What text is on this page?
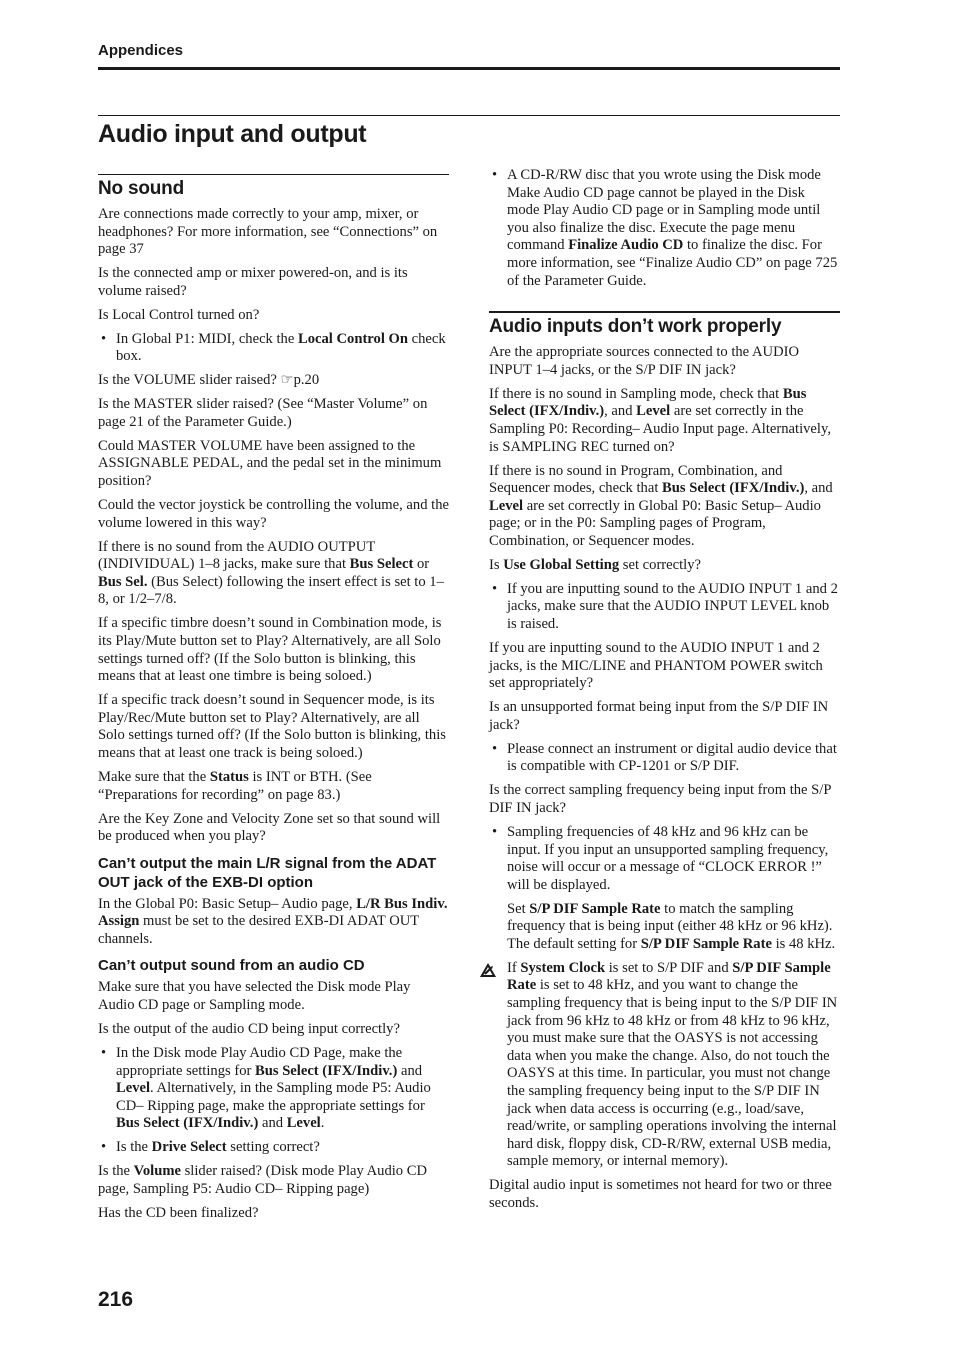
Appendices
Audio input and output
No sound

Are connections made correctly to your amp, mixer, or headphones? For more information, see “Connections” on page 37

Is the connected amp or mixer powered-on, and is its volume raised?

Is Local Control turned on?

• In Global P1: MIDI, check the Local Control On check box.

Is the VOLUME slider raised? ☞p.20

Is the MASTER slider raised? (See “Master Volume” on page 21 of the Parameter Guide.)

Could MASTER VOLUME have been assigned to the ASSIGNABLE PEDAL, and the pedal set in the minimum position?

Could the vector joystick be controlling the volume, and the volume lowered in this way?

If there is no sound from the AUDIO OUTPUT (INDIVIDUAL) 1–8 jacks, make sure that Bus Select or Bus Sel. (Bus Select) following the insert effect is set to 1–8, or 1/2–7/8.

If a specific timbre doesn’t sound in Combination mode, is its Play/Mute button set to Play? Alternatively, are all Solo settings turned off? (If the Solo button is blinking, this means that at least one timbre is being soloed.)

If a specific track doesn’t sound in Sequencer mode, is its Play/Rec/Mute button set to Play? Alternatively, are all Solo settings turned off? (If the Solo button is blinking, this means that at least one track is being soloed.)

Make sure that the Status is INT or BTH. (See “Preparations for recording” on page 83.)

Are the Key Zone and Velocity Zone set so that sound will be produced when you play?

Can’t output the main L/R signal from the ADAT OUT jack of the EXB-DI option

In the Global P0: Basic Setup– Audio page, L/R Bus Indiv. Assign must be set to the desired EXB-DI ADAT OUT channels.

Can’t output sound from an audio CD

Make sure that you have selected the Disk mode Play Audio CD page or Sampling mode.

Is the output of the audio CD being input correctly?

• In the Disk mode Play Audio CD Page, make the appropriate settings for Bus Select (IFX/Indiv.) and Level. Alternatively, in the Sampling mode P5: Audio CD– Ripping page, make the appropriate settings for Bus Select (IFX/Indiv.) and Level.
• Is the Drive Select setting correct?

Is the Volume slider raised? (Disk mode Play Audio CD page, Sampling P5: Audio CD– Ripping page)

Has the CD been finalized?

• A CD-R/RW disc that you wrote using the Disk mode Make Audio CD page cannot be played in the Disk mode Play Audio CD page or in Sampling mode until you also finalize the disc. Execute the page menu command Finalize Audio CD to finalize the disc. For more information, see “Finalize Audio CD” on page 725 of the Parameter Guide.
Audio inputs don’t work properly

Are the appropriate sources connected to the AUDIO INPUT 1–4 jacks, or the S/P DIF IN jack?

If there is no sound in Sampling mode, check that Bus Select (IFX/Indiv.), and Level are set correctly in the Sampling P0: Recording– Audio Input page. Alternatively, is SAMPLING REC turned on?

If there is no sound in Program, Combination, and Sequencer modes, check that Bus Select (IFX/Indiv.), and Level are set correctly in Global P0: Basic Setup– Audio page; or in the P0: Sampling pages of Program, Combination, or Sequencer modes.

Is Use Global Setting set correctly?

• If you are inputting sound to the AUDIO INPUT 1 and 2 jacks, make sure that the AUDIO INPUT LEVEL knob is raised.

If you are inputting sound to the AUDIO INPUT 1 and 2 jacks, is the MIC/LINE and PHANTOM POWER switch set appropriately?

Is an unsupported format being input from the S/P DIF IN jack?

• Please connect an instrument or digital audio device that is compatible with CP-1201 or S/P DIF.

Is the correct sampling frequency being input from the S/P DIF IN jack?

• Sampling frequencies of 48 kHz and 96 kHz can be input. If you input an unsupported sampling frequency, noise will occur or a message of “CLOCK ERROR !” will be displayed.

Set S/P DIF Sample Rate to match the sampling frequency that is being input (either 48 kHz or 96 kHz). The default setting for S/P DIF Sample Rate is 48 kHz.

If System Clock is set to S/P DIF and S/P DIF Sample Rate is set to 48 kHz, and you want to change the sampling frequency that is being input to the S/P DIF IN jack from 96 kHz to 48 kHz or from 48 kHz to 96 kHz, you must make sure that the OASYS is not accessing data when you make the change. Also, do not touch the OASYS at this time. In particular, you must not change the sampling frequency being input to the S/P DIF IN jack when data access is occurring (e.g., load/save, read/write, or sampling operations involving the internal hard disk, floppy disk, CD-R/RW, external USB media, sample memory, or internal memory).

Digital audio input is sometimes not heard for two or three seconds.

216
